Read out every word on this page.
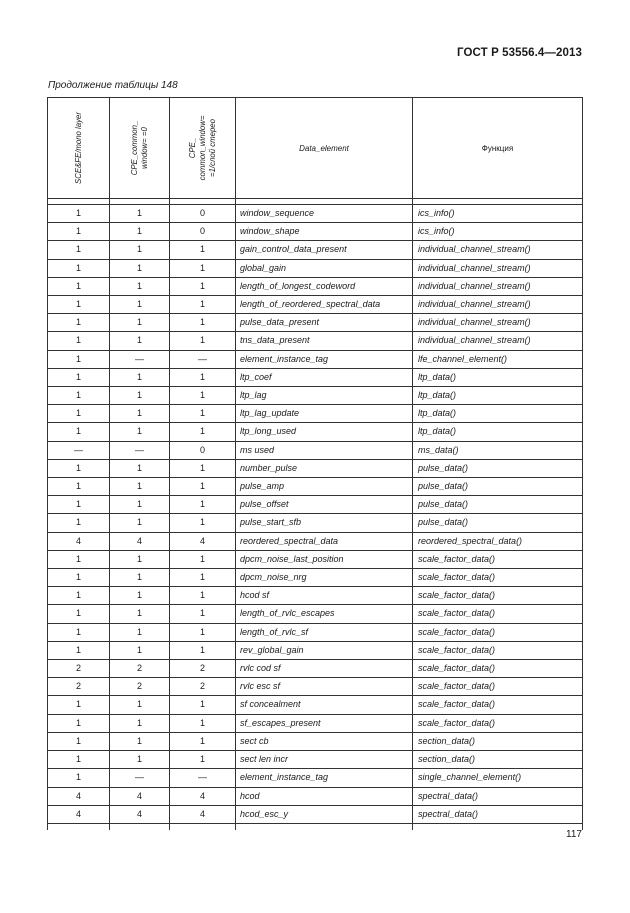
ГОСТ Р 53556.4—2013
Продолжение таблицы 148
SCE&FE/mono layer	CPE_common_ window= =0	CPE_ common_window= =1/слой стерео	Data_element	Функция

1	1	0	window_sequence	ics_info()
1	1	0	window_shape	ics_info()
1	1	1	gain_control_data_present	individual_channel_stream()
1	1	1	global_gain	individual_channel_stream()
1	1	1	length_of_longest_codeword	individual_channel_stream()
1	1	1	length_of_reordered_spectral_data	individual_channel_stream()
1	1	1	pulse_data_present	individual_channel_stream()
1	1	1	tns_data_present	individual_channel_stream()
1	—	—	element_instance_tag	lfe_channel_element()
1	1	1	ltp_coef	ltp_data()
1	1	1	ltp_lag	ltp_data()
1	1	1	ltp_lag_update	ltp_data()
1	1	1	ltp_long_used	ltp_data()
—	—	0	ms used	ms_data()
1	1	1	number_pulse	pulse_data()
1	1	1	pulse_amp	pulse_data()
1	1	1	pulse_offset	pulse_data()
1	1	1	pulse_start_sfb	pulse_data()
4	4	4	reordered_spectral_data	reordered_spectral_data()
1	1	1	dpcm_noise_last_position	scale_factor_data()
1	1	1	dpcm_noise_nrg	scale_factor_data()
1	1	1	hcod sf	scale_factor_data()
1	1	1	length_of_rvlc_escapes	scale_factor_data()
1	1	1	length_of_rvlc_sf	scale_factor_data()
1	1	1	rev_global_gain	scale_factor_data()
2	2	2	rvlc cod sf	scale_factor_data()
2	2	2	rvlc esc sf	scale_factor_data()
1	1	1	sf concealment	scale_factor_data()
1	1	1	sf_escapes_present	scale_factor_data()
1	1	1	sect cb	section_data()
1	1	1	sect len incr	section_data()
1	—	—	element_instance_tag	single_channel_element()
4	4	4	hcod	spectral_data()
4	4	4	hcod_esc_y	spectral_data()

117
